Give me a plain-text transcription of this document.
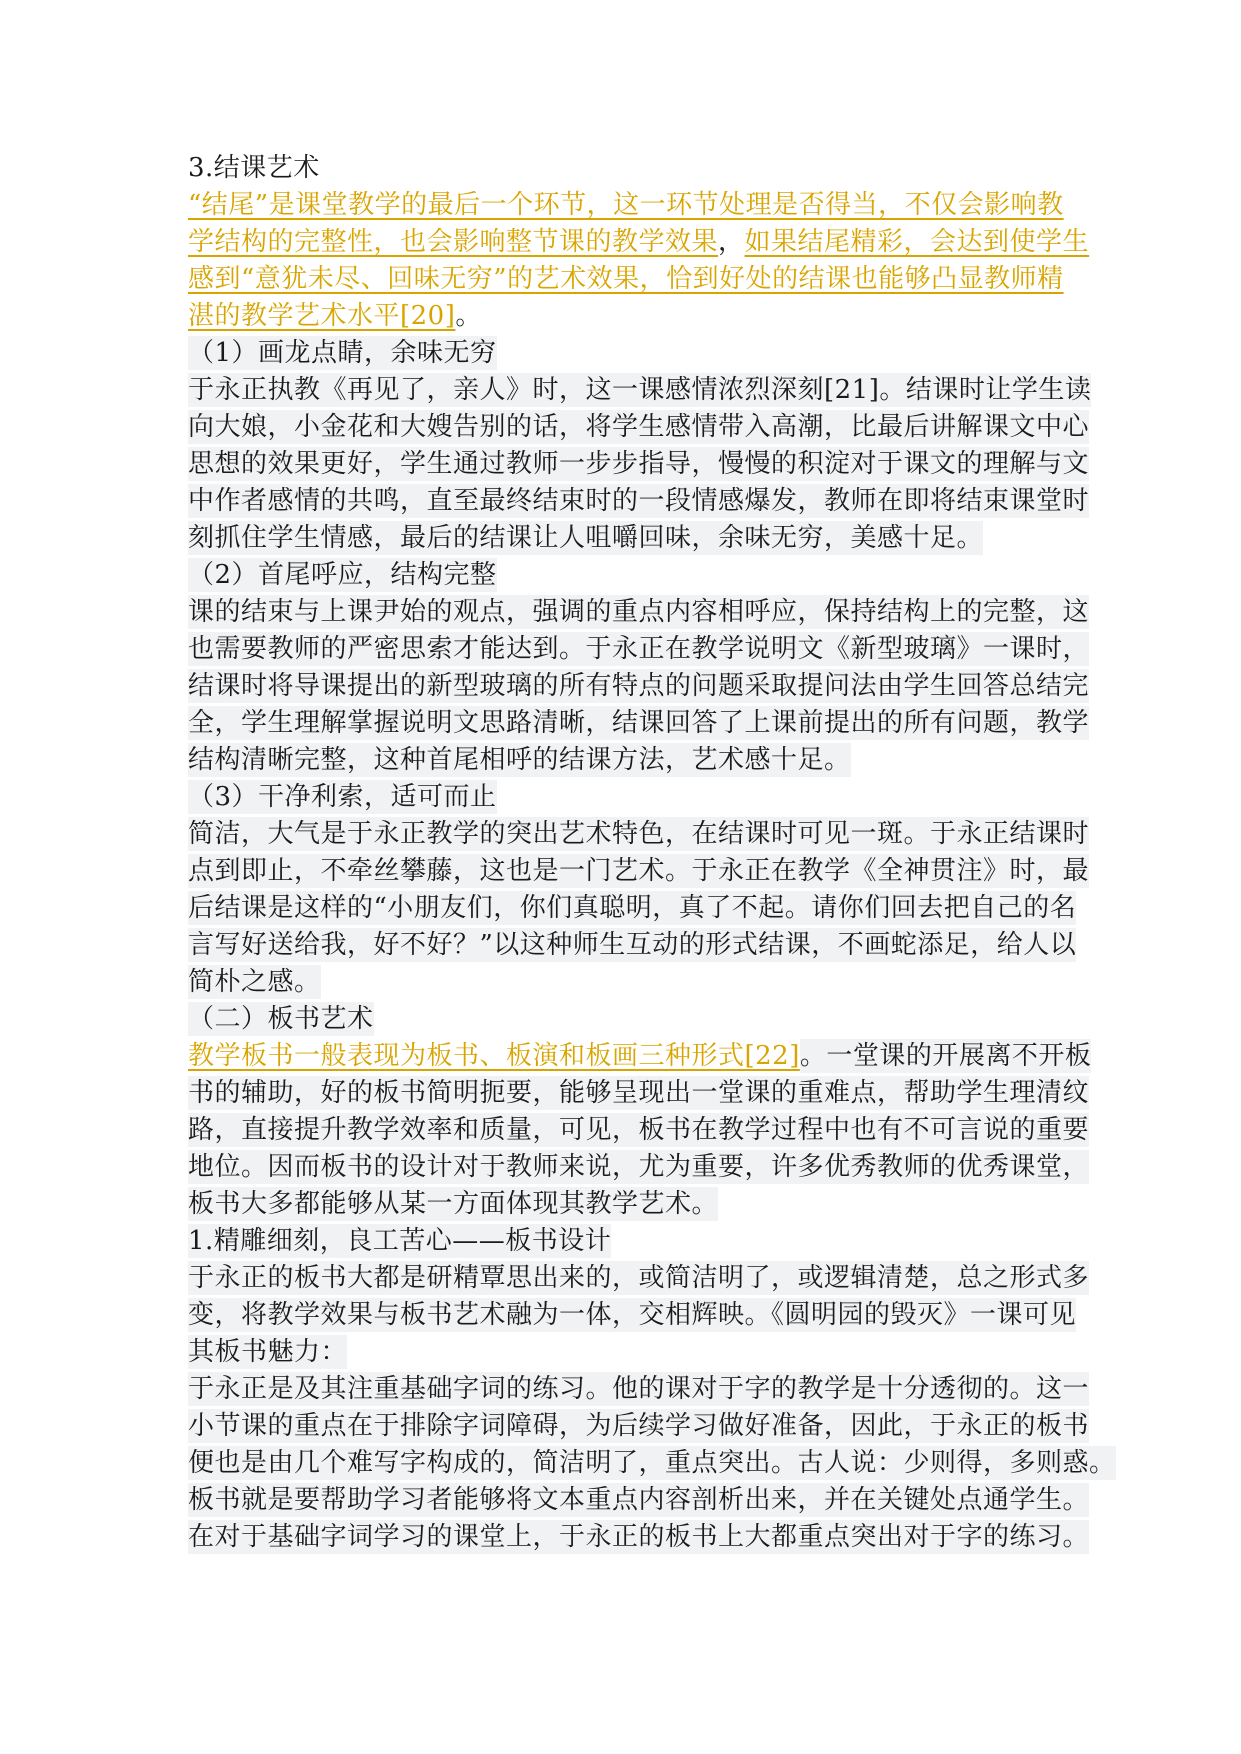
3.结课艺术
“结尾”是课堂教学的最后一个环节，这一环节处理是否得当，不仅会影响教
学结构的完整性，也会影响整节课的教学效果，如果结尾精彩，会达到使学生
感到“意犹未尽、回味无穷”的艺术效果，恰到好处的结课也能够凸显教师精
湛的教学艺术水平[20]。
（1）画龙点睛，余味无穷
于永正执教《再见了，亲人》时，这一课感情浓烈深刻[21]。结课时让学生读
向大娘，小金花和大嫂告别的话，将学生感情带入高潮，比最后讲解课文中心
思想的效果更好，学生通过教师一步步指导，慢慢的积淀对于课文的理解与文
中作者感情的共鸣，直至最终结束时的一段情感爆发，教师在即将结束课堂时
刻抓住学生情感，最后的结课让人咀嚼回味，余味无穷，美感十足。
（2）首尾呼应，结构完整
课的结束与上课尹始的观点，强调的重点内容相呼应，保持结构上的完整，这
也需要教师的严密思索才能达到。于永正在教学说明文《新型玻璃》一课时，
结课时将导课提出的新型玻璃的所有特点的问题采取提问法由学生回答总结完
全，学生理解掌握说明文思路清晰，结课回答了上课前提出的所有问题，教学
结构清晰完整，这种首尾相呼的结课方法，艺术感十足。
（3）干净利索，适可而止
简洁，大气是于永正教学的突出艺术特色，在结课时可见一斑。于永正结课时
点到即止，不牵丝攀藤，这也是一门艺术。于永正在教学《全神贯注》时，最
后结课是这样的“小朋友们，你们真聪明，真了不起。请你们回去把自己的名
言写好送给我，好不好？”以这种师生互动的形式结课，不画蛇添足，给人以
简朴之感。
（二）板书艺术
教学板书一般表现为板书、板演和板画三种形式[22]。一堂课的开展离不开板
书的辅助，好的板书简明扼要，能够呈现出一堂课的重难点，帮助学生理清纹
路，直接提升教学效率和质量，可见，板书在教学过程中也有不可言说的重要
地位。因而板书的设计对于教师来说，尤为重要，许多优秀教师的优秀课堂，
板书大多都能够从某一方面体现其教学艺术。
1.精雕细刻，良工苦心——板书设计
于永正的板书大都是研精覃思出来的，或简洁明了，或逻辑清楚，总之形式多
变，将教学效果与板书艺术融为一体，交相辉映。《圆明园的毁灭》一课可见
其板书魅力：
于永正是及其注重基础字词的练习。他的课对于字的教学是十分透彻的。这一
小节课的重点在于排除字词障碍，为后续学习做好准备，因此，于永正的板书
便也是由几个难写字构成的，简洁明了，重点突出。古人说：少则得，多则惑。
板书就是要帮助学习者能够将文本重点内容剖析出来，并在关键处点通学生。
在对于基础字词学习的课堂上，于永正的板书上大都重点突出对于字的练习。
